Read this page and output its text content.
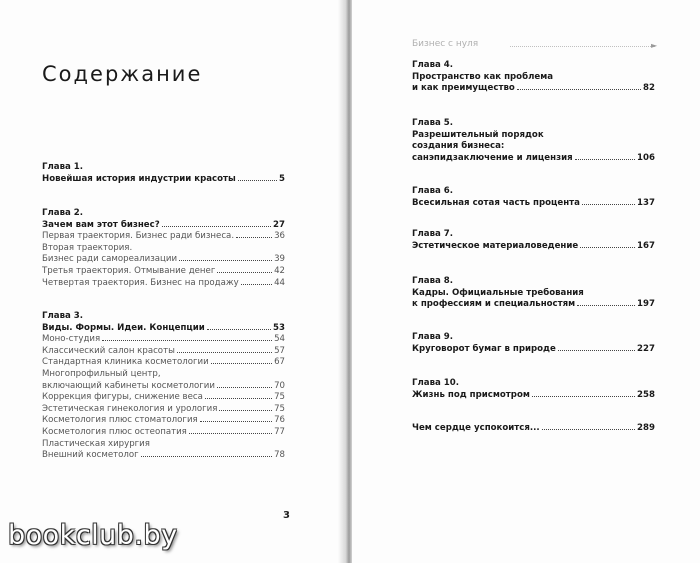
Содержание
Глава 1.
Новейшая история индустрии красоты	5
Глава 2.
Зачем вам этот бизнес?	27
Первая траектория. Бизнес ради бизнеса.	36
Вторая траектория.
Бизнес ради самореализации	39
Третья траектория. Отмывание денег	42
Четвертая траектория. Бизнес на продажу	44
Глава 3.
Виды. Формы. Идеи. Концепции	53
Моно-студия	54
Классический салон красоты	57
Стандартная клиника косметологии	67
Многопрофильный центр,
включающий кабинеты косметологии	70
Коррекция фигуры, снижение веса	75
Эстетическая гинекология и урология	75
Косметология плюс стоматология	76
Косметология плюс остеопатия	77
Пластическая хирургия
Внешний косметолог	78
3
Бизнес с нуля	►
Глава 4.
Пространство как проблема
и как преимущество	82
Глава 5.
Разрешительный порядок
создания бизнеса:
санэпидзаключение и лицензия	106
Глава 6.
Всесильная сотая часть процента	137
Глава 7.
Эстетическое материаловедение	167
Глава 8.
Кадры. Официальные требования
к профессиям и специальностям	197
Глава 9.
Круговорот бумаг в природе	227
Глава 10.
Жизнь под присмотром	258
Чем сердце успокоится...	289
bookclub.by
